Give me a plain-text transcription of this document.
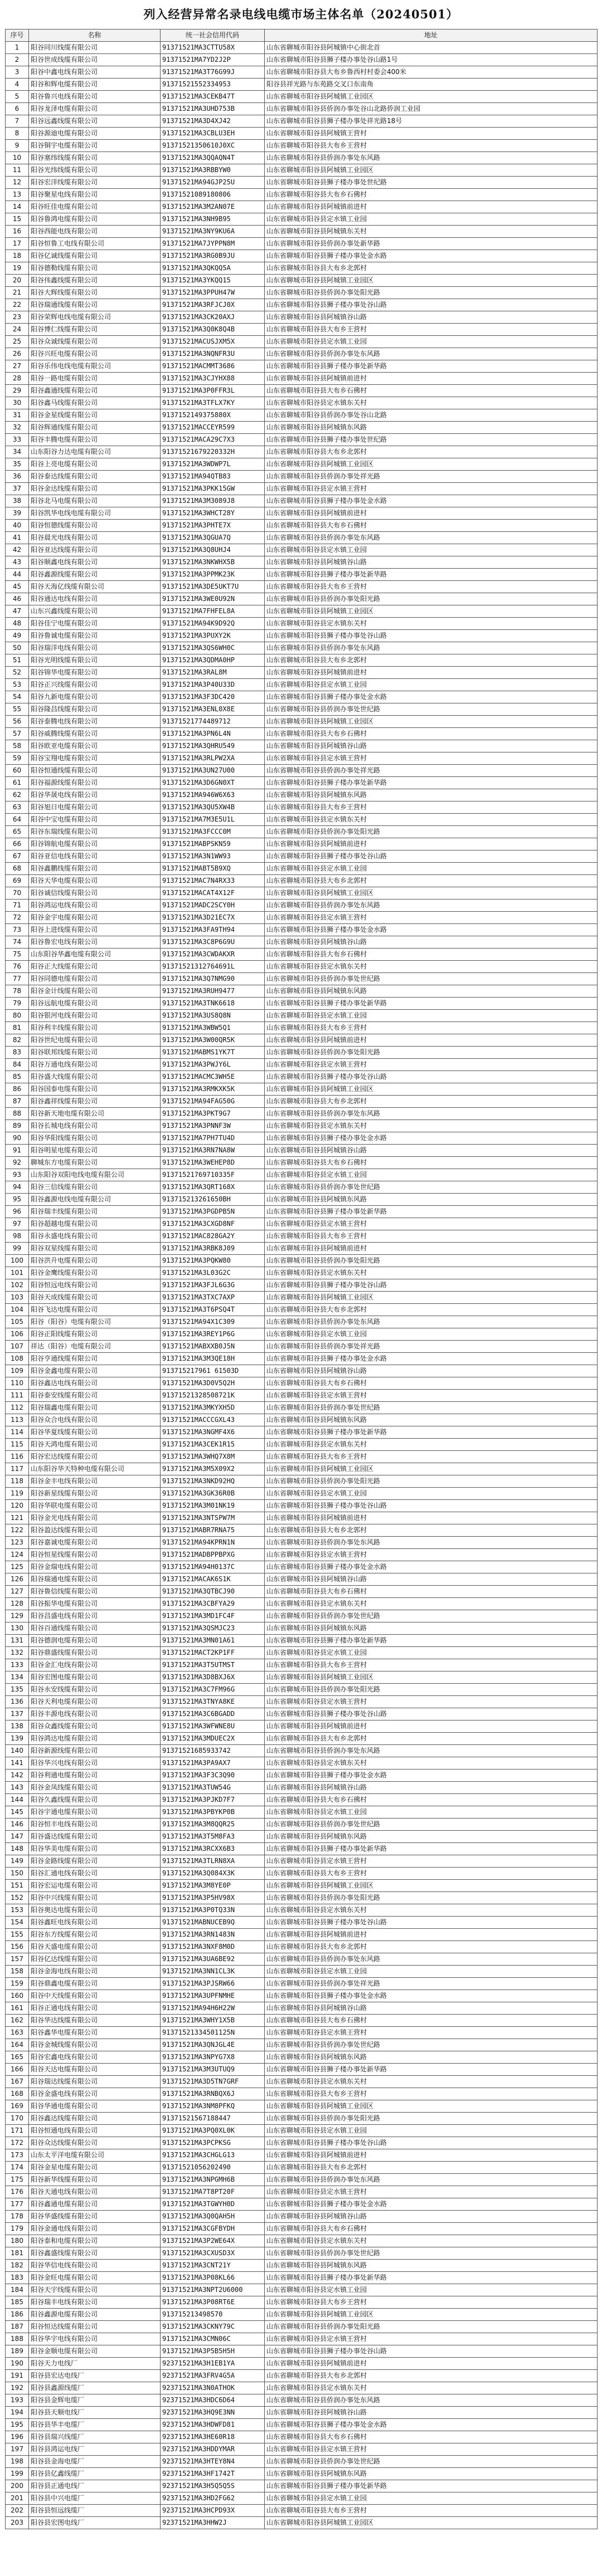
列入经营异常名录电线电缆市场主体名单（20240501）
序号	名称	统一社会信用代码	地址
1	阳谷同川线缆有限公司	91371521MA3CTTU58X	山东省聊城市阳谷县阿城镇中心街北首
2	阳谷世成线缆有限公司	91371521MA7YD2J2P	山东省聊城市阳谷县狮子楼办事处谷山路1号
3	阳谷中鑫电线有限公司	91371521MA3T76G99J	山东省聊城市阳谷县大布乡鲁西村村委会400米
4	阳谷和辉电缆有限公司	91371521552334953	阳谷县祥光路与东苑路交叉口东南角
5	阳谷鲁兴电线有限公司	91371521MA3CEKB47T	山东省聊城市阳谷县阿城镇工业园区
6	阳谷龙泽电缆有限公司	91371521MA3UHD753B	山东省聊城市阳谷县侨润办事处谷山北路侨润工业园
7	阳谷远鑫线缆有限公司	91371521MA3D4XJ42	山东省聊城市阳谷县狮子楼办事处祥光路18号
8	阳谷源迪电缆有限公司	91371521MA3CBLU3EH	山东省聊城市阳谷县阿城镇王营村
9	阳谷铜宇电缆有限公司	91371521350610J0XC	山东省聊城市阳谷县大布乡王营村
10	阳谷塞纬线缆有限公司	91371521MA3QQAQN4T	山东省聊城市阳谷县侨润办事处东风路
11	阳谷光纬线缆有限公司	91371521MA3RBBYW0	山东省聊城市阳谷县阿城镇工业园区
12	阳谷宏洋线缆有限公司	91371521MA94GJP25U	山东省聊城市阳谷县狮子楼办事处世纪路
13	阳谷聚星电线有限公司	91371521089180806	山东省聊城市阳谷县大布乡石佛村
14	阳谷旺佳电缆有限公司	91371521MA3M2AN07E	山东省聊城市阳谷县阿城镇前进村
15	阳谷鲁鸿电缆有限公司	91371521MA3NH9B95	山东省聊城市阳谷县定水镇工业园
16	阳谷西能电线有限公司	91371521MA3NY9KU6A	山东省聊城市阳谷县阿城镇东关村
17	阳谷恒鲁工电线有限公司	91371521MA7JYPPN8M	山东省聊城市阳谷县侨润办事处新华路
18	阳谷亿诚线缆有限公司	91371521MA3RG0B9JU	山东省聊城市阳谷县狮子楼办事处金水路
19	阳谷德勒线缆有限公司	91371521MA3QKQQ5A	山东省聊城市阳谷县大布乡北郭村
20	阳谷伟鑫线缆有限公司	91371521MA3YKQQ15	山东省聊城市阳谷县阿城镇工业园区
21	阳谷大辉线缆有限公司	91371521MA3PPUH47W	山东省聊城市阳谷县侨润办事处阳光路
22	阳谷瑞通线缆有限公司	91371521MA3RFJCJ0X	山东省聊城市阳谷县狮子楼办事处谷山路
23	阳谷荣辉电线电缆有限公司	91371521MA3CK20AXJ	山东省聊城市阳谷县阿城镇谷山路
24	阳谷博仁线缆有限公司	91371521MA3Q0K8Q4B	山东省聊城市阳谷县大布乡王营村
25	阳谷众诚线缆有限公司	91371521MACUSJXM5X	山东省聊城市阳谷县定水镇工业园
26	阳谷兴旺电缆有限公司	91371521MA3NQNFR3U	山东省聊城市阳谷县侨润办事处东风路
27	阳谷乐伟电线电缆有限公司	91371521MACMMT3686	山东省聊城市阳谷县狮子楼办事处新华路
28	阳谷一路电缆有限公司	91371521MA3CJYHX88	山东省聊城市阳谷县阿城镇前进村
29	阳谷鑫通线缆有限公司	91371521MA3P0FFR3L	山东省聊城市阳谷县大布乡石佛村
30	阳谷鑫马线缆有限公司	91371521MA3TFLX7KY	山东省聊城市阳谷县定水镇东关村
31	阳谷金星线缆有限公司	9137152149375880X	山东省聊城市阳谷县侨润办事处谷山北路
32	阳谷辉通线缆有限公司	91371521MACCEYR599	山东省聊城市阳谷县阿城镇东风路
33	阳谷丰腾电缆有限公司	91371521MACA29C7X3	山东省聊城市阳谷县狮子楼办事处世纪路
34	山东阳谷力达电缆有限公司	91371521679220332H	山东省聊城市阳谷县大布乡北郭村
35	阳谷上亮电缆有限公司	91371521MA3WDWP7L	山东省聊城市阳谷县阿城镇工业园区
36	阳谷泰达线缆有限公司	91371521MA94QTB83	山东省聊城市阳谷县侨润办事处祥光路
37	阳谷金达线缆有限公司	91371521MA3PKK15GW	山东省聊城市阳谷县定水镇王营村
38	阳谷北马电缆有限公司	91371521MA3M3089J8	山东省聊城市阳谷县狮子楼办事处金水路
39	阳谷凯华电线电缆有限公司	91371521MA3WHCT28Y	山东省聊城市阳谷县阿城镇前进村
40	阳谷恒德线缆有限公司	91371521MA3PHTE7X	山东省聊城市阳谷县大布乡石佛村
41	阳谷晨光电线有限公司	91371521MA3QGUA7Q	山东省聊城市阳谷县侨润办事处东风路
42	阳谷亚达线缆有限公司	91371521MA3Q8UHJ4	山东省聊城市阳谷县定水镇工业园
43	阳谷顺鑫电线有限公司	91371521MA3NKWHX5B	山东省聊城市阳谷县阿城镇谷山路
44	阳谷鑫源线缆有限公司	91371521MA3PPMK23K	山东省聊城市阳谷县狮子楼办事处新华路
45	阳谷天海亿线缆有限公司	91371521MA3DE5UKT7U	山东省聊城市阳谷县大布乡王营村
46	阳谷通达电线有限公司	91371521MA3WE0U92N	山东省聊城市阳谷县侨润办事处阳光路
47	山东兴鑫线缆有限公司	91371521MA7FHFEL8A	山东省聊城市阳谷县阿城镇工业园区
48	阳谷佳宁电缆有限公司	91371521MA94K9D92Q	山东省聊城市阳谷县定水镇东关村
49	阳谷鲁诚电缆有限公司	91371521MA3PUXY2K	山东省聊城市阳谷县狮子楼办事处谷山路
50	阳谷瑞洋电线有限公司	91371521MA3QS6WH0C	山东省聊城市阳谷县侨润办事处东风路
51	阳谷光明线缆有限公司	91371521MA3QDMA0HP	山东省聊城市阳谷县大布乡北郭村
52	阳谷锦华电缆有限公司	91371521MA3RAL8M	山东省聊城市阳谷县阿城镇前进村
53	阳谷正兴线缆有限公司	91371521MA3P40U33D	山东省聊城市阳谷县定水镇工业园
54	阳谷九新电缆有限公司	91371521MA3F3DC420	山东省聊城市阳谷县狮子楼办事处金水路
55	阳谷隆昌线缆有限公司	91371521MA3ENL0X8E	山东省聊城市阳谷县侨润办事处世纪路
56	阳谷泰腾电线有限公司	91371521774489712	山东省聊城市阳谷县阿城镇工业园区
57	阳谷威腾线缆有限公司	91371521MA3PN6L4N	山东省聊城市阳谷县大布乡石佛村
58	阳谷欧亚电缆有限公司	91371521MA3QHRU549	山东省聊城市阳谷县阿城镇谷山路
59	阳谷宝翔电缆有限公司	91371521MA3RLPW2XA	山东省聊城市阳谷县定水镇王营村
60	阳谷恒通线缆有限公司	91371521MA3UN27U00	山东省聊城市阳谷县侨润办事处祥光路
61	阳谷福源线缆有限公司	91371521MA3D6GN0XT	山东省聊城市阳谷县狮子楼办事处新华路
62	阳谷华晟电线有限公司	91371521MA946W6X63	山东省聊城市阳谷县阿城镇东风路
63	阳谷旭日电缆有限公司	91371521MA3QU5XW4B	山东省聊城市阳谷县大布乡王营村
64	阳谷中宝电缆有限公司	91371521MA7M3E5U1L	山东省聊城市阳谷县定水镇东关村
65	阳谷东瑞线缆有限公司	91371521MA3FCCC0M	山东省聊城市阳谷县侨润办事处阳光路
66	阳谷锦航电缆有限公司	91371521MABPSKN59	山东省聊城市阳谷县阿城镇前进村
67	阳谷亚信电线有限公司	91371521MA3N1WW93	山东省聊城市阳谷县狮子楼办事处谷山路
68	阳谷鑫鹏线缆有限公司	91371521MABT5B9XQ	山东省聊城市阳谷县定水镇工业园
69	阳谷天华电缆有限公司	91371521MAC7N4RX33	山东省聊城市阳谷县大布乡北郭村
70	阳谷诚信线缆有限公司	91371521MACAT4X12F	山东省聊城市阳谷县阿城镇工业园区
71	阳谷鸿运电线有限公司	91371521MADC2SCY0H	山东省聊城市阳谷县侨润办事处东风路
72	阳谷金宇电缆有限公司	91371521MA3D21EC7X	山东省聊城市阳谷县定水镇王营村
73	阳谷上进线缆有限公司	91371521MA3FA9TH94	山东省聊城市阳谷县狮子楼办事处金水路
74	阳谷鲁宏电线有限公司	91371521MA3C8P6G9U	山东省聊城市阳谷县阿城镇谷山路
75	山东阳谷华鑫电缆有限公司	91371521MA3CWDAKXR	山东省聊城市阳谷县大布乡石佛村
76	阳谷正大线缆有限公司	91371521312764691L	山东省聊城市阳谷县定水镇东关村
77	阳谷同德电缆有限公司	91371521MA3Q7NMG90	山东省聊城市阳谷县侨润办事处世纪路
78	阳谷金计线缆有限公司	91371521MA3RUH9477	山东省聊城市阳谷县阿城镇东风路
79	阳谷远航电缆有限公司	91371521MA3TNK6618	山东省聊城市阳谷县狮子楼办事处新华路
80	阳谷银河电线有限公司	91371521MA3US8Q8N	山东省聊城市阳谷县定水镇工业园
81	阳谷利丰线缆有限公司	91371521MA3WBW5Q1	山东省聊城市阳谷县大布乡王营村
82	阳谷世纪电缆有限公司	91371521MA3W00QR5K	山东省聊城市阳谷县阿城镇前进村
83	阳谷联邦线缆有限公司	91371521MABMS1YK7T	山东省聊城市阳谷县侨润办事处阳光路
84	阳谷万通电线有限公司	91371521MA3PWJY6L	山东省聊城市阳谷县定水镇王营村
85	阳谷盛大线缆有限公司	91371521MACMC3WH5E	山东省聊城市阳谷县狮子楼办事处谷山路
86	阳谷国泰电缆有限公司	91371521MA3RMKXK5K	山东省聊城市阳谷县阿城镇工业园区
87	阳谷鑫祥线缆有限公司	91371521MA94FAG50G	山东省聊城市阳谷县大布乡北郭村
88	阳谷新天地电缆有限公司	91371521MA3PKT9G7	山东省聊城市阳谷县侨润办事处东风路
89	阳谷长城电线有限公司	91371521MA3PNNF3W	山东省聊城市阳谷县定水镇东关村
90	阳谷华阳线缆有限公司	91371521MA7PH7TU4D	山东省聊城市阳谷县狮子楼办事处金水路
91	阳谷明星电缆有限公司	91371521MA3RN7NA8W	山东省聊城市阳谷县阿城镇谷山路
92	聊城东方电缆有限公司	91371521MA3WEHEP8D	山东省聊城市阳谷县大布乡石佛村
93	山东阳谷双阳电线电缆有限公司	91371521769710335F	山东省聊城市阳谷县定水镇工业园
94	阳谷三信线缆有限公司	91371521MA3QRT168X	山东省聊城市阳谷县侨润办事处世纪路
95	阳谷鑫源电线电缆有限公司	913715213261650BH	山东省聊城市阳谷县阿城镇东风路
96	阳谷瑞丰线缆有限公司	91371521MA3PGDPB5N	山东省聊城市阳谷县狮子楼办事处新华路
97	阳谷超越电缆有限公司	91371521MA3CXGD8NF	山东省聊城市阳谷县定水镇王营村
98	阳谷永盛电线有限公司	91371521MAC828GA2Y	山东省聊城市阳谷县大布乡王营村
99	阳谷双星线缆有限公司	91371521MA3RBK8J09	山东省聊城市阳谷县阿城镇前进村
100	阳谷洪升电缆有限公司	91371521MA3PQKW80	山东省聊城市阳谷县侨润办事处阳光路
101	阳谷金鹰线缆有限公司	91371521MA3L03G2C	山东省聊城市阳谷县定水镇东关村
102	阳谷恒远电线有限公司	91371521MA3FJL6G3G	山东省聊城市阳谷县狮子楼办事处谷山路
103	阳谷天成线缆有限公司	91371521MA3TXC7AXP	山东省聊城市阳谷县阿城镇工业园区
104	阳谷飞达电缆有限公司	91371521MA3T6PSQ4T	山东省聊城市阳谷县大布乡北郭村
105	阳谷（阳谷）电缆有限公司	91371521MA94X1C309	山东省聊城市阳谷县侨润办事处东风路
106	阳谷正阳线缆有限公司	91371521MA3REY1P6G	山东省聊城市阳谷县定水镇工业园
107	祥达（阳谷）电缆有限公司	91371521MABXXB0J5N	山东省聊城市阳谷县侨润办事处祥光路
108	阳谷亨通线缆有限公司	91371521MA3M3QE18H	山东省聊城市阳谷县狮子楼办事处金水路
109	阳谷金鑫电缆有限公司	913715217961 61503D	山东省聊城市阳谷县阿城镇谷山路
110	阳谷鑫达电线有限公司	91371521MA3D0V5Q2H	山东省聊城市阳谷县大布乡石佛村
111	阳谷泰安线缆有限公司	91371521328508721K	山东省聊城市阳谷县定水镇王营村
112	阳谷瑞鑫电缆有限公司	91371521MA3MKYXH5D	山东省聊城市阳谷县侨润办事处世纪路
113	阳谷众合电线有限公司	91371521MACCCGXL43	山东省聊城市阳谷县阿城镇东风路
114	阳谷华夏线缆有限公司	91371521MA3NGMF4X6	山东省聊城市阳谷县狮子楼办事处新华路
115	阳谷天鸿电缆有限公司	91371521MA3CEK1R15	山东省聊城市阳谷县定水镇东关村
116	阳谷宏达线缆有限公司	91371521MA3WHQ7X8M	山东省聊城市阳谷县大布乡王营村
117	山东阳谷华天特种电缆有限公司	91371521MA3M5X09X2	山东省聊城市阳谷县阿城镇工业园区
118	阳谷金丰电线有限公司	91371521MA3NKD92HQ	山东省聊城市阳谷县侨润办事处阳光路
119	阳谷新星线缆有限公司	91371521MA3GK36R0B	山东省聊城市阳谷县定水镇工业园
120	阳谷华联电缆有限公司	91371521MA3M01NK19	山东省聊城市阳谷县狮子楼办事处谷山路
121	阳谷金光电线有限公司	91371521MA3NTSPW7M	山东省聊城市阳谷县阿城镇前进村
122	阳谷盈达线缆有限公司	91371521MABR7RNA75	山东省聊城市阳谷县大布乡北郭村
123	阳谷嘉诚电缆有限公司	91371521MA94KPRN1N	山东省聊城市阳谷县侨润办事处东风路
124	阳谷恒星线缆有限公司	91371521MADBPPBPXG	山东省聊城市阳谷县定水镇王营村
125	阳谷金瑞电线有限公司	91371521MA94H0137C	山东省聊城市阳谷县狮子楼办事处金水路
126	阳谷瑞通电缆有限公司	91371521MACAK6S1K	山东省聊城市阳谷县阿城镇谷山路
127	阳谷鲁信线缆有限公司	91371521MA3QTBCJ90	山东省聊城市阳谷县大布乡石佛村
128	阳谷振华电缆有限公司	91371521MA3CBFYA29	山东省聊城市阳谷县定水镇东关村
129	阳谷昌盛电线有限公司	91371521MA3MD1FC4F	山东省聊城市阳谷县侨润办事处世纪路
130	阳谷百通线缆有限公司	91371521MA3QSMJC23	山东省聊城市阳谷县阿城镇东风路
131	阳谷德润电缆有限公司	91371521MA3MN01A61	山东省聊城市阳谷县狮子楼办事处新华路
132	阳谷鼎盛线缆有限公司	91371521MACT2KP1FF	山东省聊城市阳谷县定水镇工业园
133	阳谷金汇电线有限公司	91371521MA3T5UTMST	山东省聊城市阳谷县大布乡王营村
134	阳谷宏图电缆有限公司	91371521MA3D8BXJ6X	山东省聊城市阳谷县阿城镇工业园区
135	阳谷永安线缆有限公司	91371521MA3C7FM96G	山东省聊城市阳谷县侨润办事处阳光路
136	阳谷天利电缆有限公司	91371521MA3TNYA8KE	山东省聊城市阳谷县定水镇王营村
137	阳谷丰源电线有限公司	91371521MA3C6BGADD	山东省聊城市阳谷县狮子楼办事处谷山路
138	阳谷众鑫线缆有限公司	91371521MA3WFWNE8U	山东省聊城市阳谷县阿城镇前进村
139	阳谷鸿达电缆有限公司	91371521MA3MDUEC2X	山东省聊城市阳谷县大布乡北郭村
140	阳谷新源线缆有限公司	91371521685933742	山东省聊城市阳谷县侨润办事处东风路
141	阳谷华兴电线有限公司	91371521MA3PA9AX7	山东省聊城市阳谷县定水镇东关村
142	阳谷利通电缆有限公司	91371521MA3F3C3Q90	山东省聊城市阳谷县狮子楼办事处金水路
143	阳谷金凤线缆有限公司	91371521MA3TUW54G	山东省聊城市阳谷县阿城镇谷山路
144	阳谷久鑫线缆有限公司	91371521MA3PJKD7F7	山东省聊城市阳谷县大布乡石佛村
145	阳谷宇通电缆有限公司	91371521MA3PBYKP0B	山东省聊城市阳谷县定水镇工业园
146	阳谷恒丰电线有限公司	91371521MA3M8QQR25	山东省聊城市阳谷县侨润办事处世纪路
147	阳谷盛达线缆有限公司	91371521MA3T5M8FA3	山东省聊城市阳谷县阿城镇东风路
148	阳谷华美电缆有限公司	91371521MA3RCXX6B3	山东省聊城市阳谷县狮子楼办事处新华路
149	阳谷金路线缆有限公司	91371521MA3TLRN8XA	山东省聊城市阳谷县定水镇王营村
150	阳谷汇通电线有限公司	91371521MA3Q084X3K	山东省聊城市阳谷县大布乡王营村
151	阳谷宏运电缆有限公司	91371521MA3M8YE0P	山东省聊城市阳谷县阿城镇工业园区
152	阳谷中兴线缆有限公司	91371521MA3P5HV98X	山东省聊城市阳谷县侨润办事处阳光路
153	阳谷奥达电缆有限公司	91371521MA3P0TQ33N	山东省聊城市阳谷县定水镇东关村
154	阳谷鑫旺电线有限公司	91371521MABNUCEB9Q	山东省聊城市阳谷县狮子楼办事处谷山路
155	阳谷东方线缆有限公司	91371521MA3RN1483N	山东省聊城市阳谷县阿城镇前进村
156	阳谷天盛电缆有限公司	91371521MA3NXF8M0D	山东省聊城市阳谷县大布乡北郭村
157	阳谷亿达线缆有限公司	91371521MA3UA6BE92	山东省聊城市阳谷县侨润办事处东风路
158	阳谷金海电线有限公司	91371521MA3NN1CL3K	山东省聊城市阳谷县定水镇工业园
159	阳谷鼎鑫电缆有限公司	91371521MA3PJSRW66	山东省聊城市阳谷县侨润办事处祥光路
160	阳谷中天线缆有限公司	91371521MA3UPFNMHE	山东省聊城市阳谷县狮子楼办事处金水路
161	阳谷正通电线有限公司	91371521MA94H6H22W	山东省聊城市阳谷县阿城镇谷山路
162	阳谷华达线缆有限公司	91371521MA3WHY1X5B	山东省聊城市阳谷县大布乡石佛村
163	阳谷鑫华电缆有限公司	91371521334501125N	山东省聊城市阳谷县定水镇王营村
164	阳谷金城线缆有限公司	91371521MA3QNJGL4E	山东省聊城市阳谷县侨润办事处世纪路
165	阳谷宏鑫电线有限公司	91371521MA3NPYG7X8	山东省聊城市阳谷县阿城镇东风路
166	阳谷天达电缆有限公司	91371521MA3M3UTUQ9	山东省聊城市阳谷县狮子楼办事处新华路
167	阳谷瑞达线缆有限公司	91371521MA3D5TN7GRF	山东省聊城市阳谷县定水镇东关村
168	阳谷金盛电线有限公司	91371521MA3RNBQX6J	山东省聊城市阳谷县大布乡王营村
169	阳谷华通电缆有限公司	91371521MA3NM8PFKQ	山东省聊城市阳谷县阿城镇工业园区
170	阳谷鑫达线缆有限公司	91371521567188447	山东省聊城市阳谷县侨润办事处阳光路
171	阳谷恒通电线有限公司	91371521MA3PQ0XL0K	山东省聊城市阳谷县定水镇工业园
172	阳谷众达线缆有限公司	91371521MA3PCPKSG	山东省聊城市阳谷县狮子楼办事处谷山路
173	山东太平洋电缆有限公司	91371521MA3CHGLG13	山东省聊城市阳谷县阿城镇前进村
174	阳谷金星电缆有限公司	91371521056202490	山东省聊城市阳谷县大布乡北郭村
175	阳谷新华线缆有限公司	91371521MA3NPGMH6B	山东省聊城市阳谷县侨润办事处东风路
176	阳谷天通电线有限公司	91371521MA7T8PT20F	山东省聊城市阳谷县定水镇王营村
177	阳谷鑫通电缆有限公司	91371521MA3TGWYH0D	山东省聊城市阳谷县狮子楼办事处金水路
178	阳谷华盛线缆有限公司	91371521MA3Q0QAH5H	山东省聊城市阳谷县阿城镇谷山路
179	阳谷金通电线有限公司	91371521MA3CGFBYDH	山东省聊城市阳谷县大布乡石佛村
180	阳谷泰和电缆有限公司	91371521MA3P2WE64X	山东省聊城市阳谷县定水镇东关村
181	阳谷鑫盛线缆有限公司	91371521MA3CXUSD3X	山东省聊城市阳谷县侨润办事处世纪路
182	阳谷华信电线有限公司	91371521MA3CNT21Y	山东省聊城市阳谷县阿城镇东风路
183	阳谷金旺电缆有限公司	91371521MA3P08KL66	山东省聊城市阳谷县狮子楼办事处新华路
184	阳谷天宇线缆有限公司	91371521MA3NPT2U6000	山东省聊城市阳谷县定水镇工业园
185	阳谷瑞丰电线有限公司	91371521MA3P08RT6E	山东省聊城市阳谷县大布乡王营村
186	阳谷鑫源电缆有限公司	913715213498570	山东省聊城市阳谷县阿城镇工业园区
187	阳谷恒达线缆有限公司	91371521MA3CKNY79C	山东省聊城市阳谷县侨润办事处阳光路
188	阳谷华宇电线有限公司	91371521MA3CMN06C	山东省聊城市阳谷县定水镇王营村
189	阳谷金顺电缆有限公司	91371521MA3P5B5H5H	山东省聊城市阳谷县狮子楼办事处谷山路
190	阳谷天力电线厂	92371521MA3H1EB1YA	山东省聊城市阳谷县阿城镇前进村
191	阳谷县宏达电线厂	92371521MA3FRV4G5A	山东省聊城市阳谷县大布乡北郭村
192	阳谷县鑫源线缆厂	92371521MA3N0ATHOK	山东省聊城市阳谷县定水镇东关村
193	阳谷县金辉电缆厂	92371521MA3HDC6D64	山东省聊城市阳谷县侨润办事处东风路
194	阳谷县天顺电线厂	92371521MA3HQ9E3NN	山东省聊城市阳谷县阿城镇谷山路
195	阳谷县华丰电缆厂	92371521MA3HDWFD81	山东省聊城市阳谷县狮子楼办事处金水路
196	阳谷县瑞兴线缆厂	92371521MA3HE60R18	山东省聊城市阳谷县大布乡石佛村
197	阳谷县鸿运电线厂	92371521MA3HDDYMAR	山东省聊城市阳谷县定水镇王营村
198	阳谷县金海电缆厂	92371521MA3HTEY8N4	山东省聊城市阳谷县侨润办事处世纪路
199	阳谷县亿鑫线缆厂	92371521MA3HF1742T	山东省聊城市阳谷县阿城镇东风路
200	阳谷县正通电线厂	92371521MA3H5Q5Q5S	山东省聊城市阳谷县狮子楼办事处新华路
201	阳谷县中兴电缆厂	92371521MA3HD2FG62	山东省聊城市阳谷县定水镇工业园
202	阳谷县恒远线缆厂	92371521MA3HCPD93X	山东省聊城市阳谷县大布乡王营村
203	阳谷县宏图电线厂	92371521MA3HHW2J	山东省聊城市阳谷县阿城镇工业园区
